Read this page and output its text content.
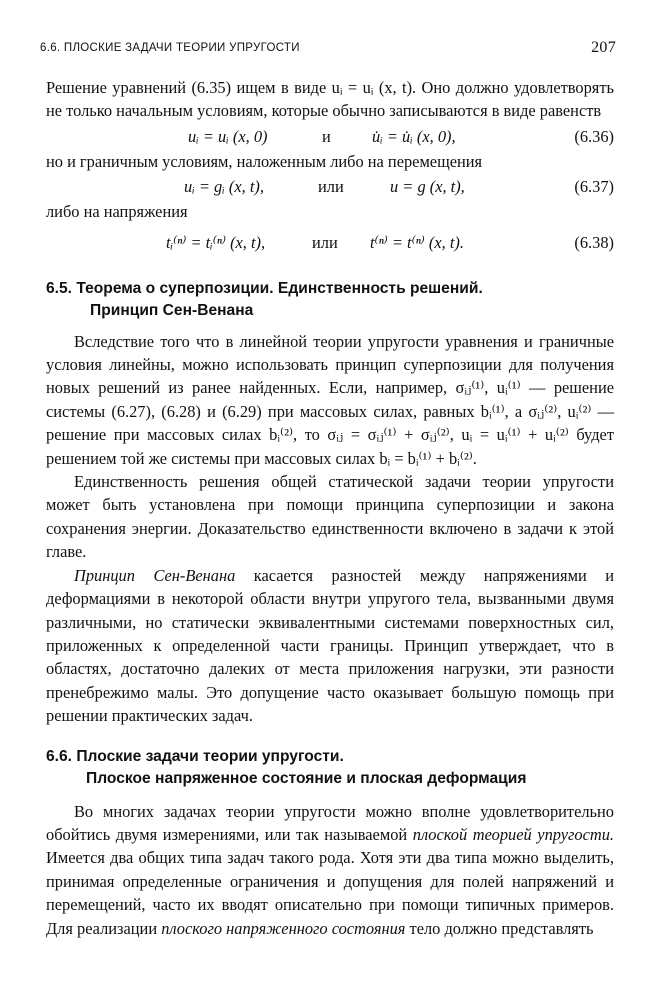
6.6. ПЛОСКИЕ ЗАДАЧИ ТЕОРИИ УПРУГОСТИ	207

Решение уравнений (6.35) ищем в виде uᵢ = uᵢ (x, t). Оно должно удовлетворять не только начальным условиям, которые обычно записываются в виде равенств

uᵢ = uᵢ (x, 0)	и	u̇ᵢ = u̇ᵢ (x, 0),	(6.36)

но и граничным условиям, наложенным либо на перемещения

uᵢ = gᵢ (x, t),	или	u = g (x, t),	(6.37)

либо на напряжения

tᵢ⁽ⁿ⁾ = tᵢ⁽ⁿ⁾ (x, t),	или t⁽ⁿ⁾ = t⁽ⁿ⁾ (x, t).	(6.38)
6.5. Теорема о суперпозиции. Единственность решений.
Принцип Сен-Венана

Вследствие того что в линейной теории упругости уравнения и граничные условия линейны, можно использовать принцип суперпозиции для получения новых решений из ранее найденных. Если, например, σᵢⱼ⁽¹⁾, uᵢ⁽¹⁾ — решение системы (6.27), (6.28) и (6.29) при массовых силах, равных bᵢ⁽¹⁾, а σᵢⱼ⁽²⁾, uᵢ⁽²⁾ — решение при массовых силах bᵢ⁽²⁾, то σᵢⱼ = σᵢⱼ⁽¹⁾ + σᵢⱼ⁽²⁾, uᵢ = uᵢ⁽¹⁾ + uᵢ⁽²⁾ будет решением той же системы при массовых силах bᵢ = bᵢ⁽¹⁾ + bᵢ⁽²⁾.

Единственность решения общей статической задачи теории упругости может быть установлена при помощи принципа суперпозиции и закона сохранения энергии. Доказательство единственности включено в задачи к этой главе.

Принцип Сен-Венана касается разностей между напряжениями и деформациями в некоторой области внутри упругого тела, вызванными двумя различными, но статически эквивалентными системами поверхностных сил, приложенных к определенной части границы. Принцип утверждает, что в областях, достаточно далеких от места приложения нагрузки, эти разности пренебрежимо малы. Это допущение часто оказывает большую помощь при решении практических задач.

6.6. Плоские задачи теории упругости.
Плоское напряженное состояние и плоская деформация

Во многих задачах теории упругости можно вполне удовлетворительно обойтись двумя измерениями, или так называемой плоской теорией упругости. Имеется два общих типа задач такого рода. Хотя эти два типа можно выделить, принимая определенные ограничения и допущения для полей напряжений и перемещений, часто их вводят описательно при помощи типичных примеров. Для реализации плоского напряженного состояния тело должно представлять
